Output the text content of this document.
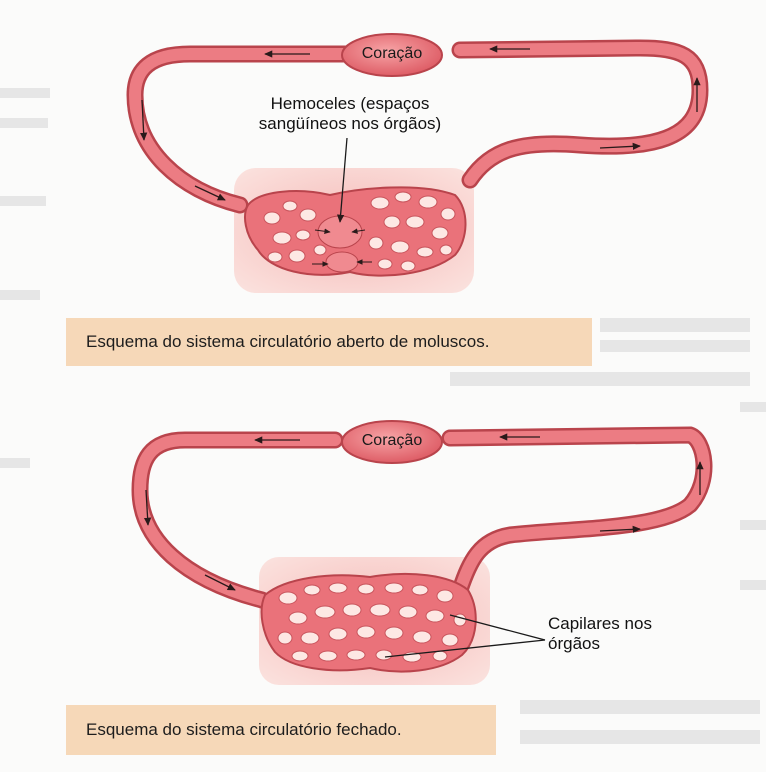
Coração
Hemoceles (espaços
sangüíneos nos órgãos)
Esquema do sistema circulatório aberto de moluscos.
Coração
Capilares nos
órgãos
Esquema do sistema circulatório fechado.
